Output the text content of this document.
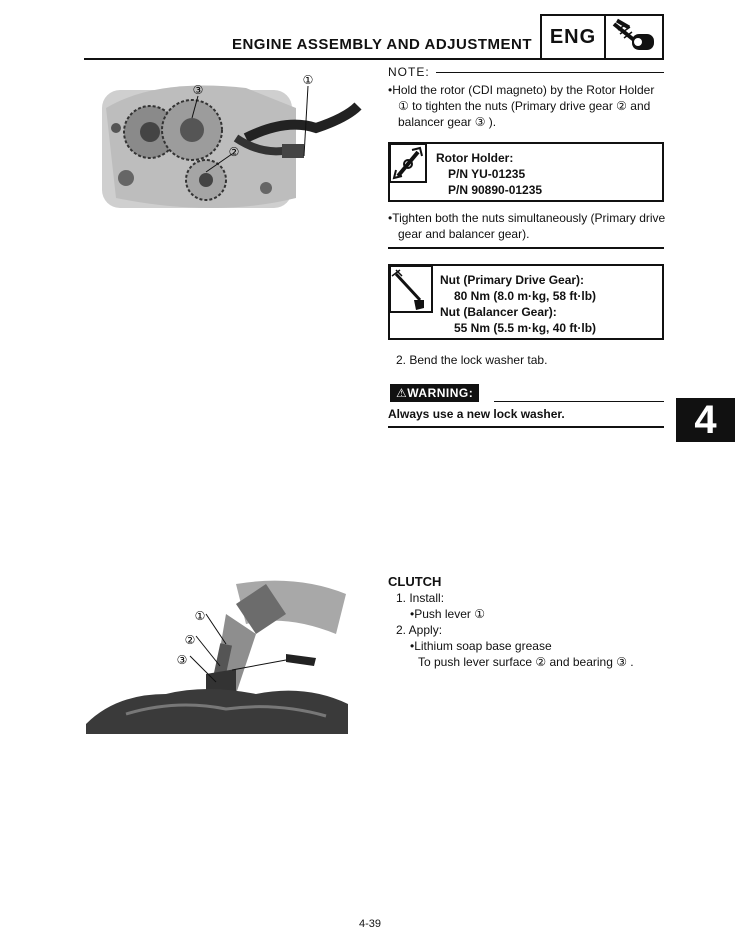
ENGINE ASSEMBLY AND ADJUSTMENT ENG
4
①
③
②
NOTE:
•Hold the rotor (CDI magneto) by the Rotor Holder ① to tighten the nuts (Primary drive gear ② and balancer gear ③ ).
Rotor Holder:
P/N YU-01235
P/N 90890-01235
•Tighten both the nuts simultaneously (Primary drive gear and balancer gear).
Nut (Primary Drive Gear):
80 Nm (8.0 m·kg, 58 ft·lb)
Nut (Balancer Gear):
55 Nm (5.5 m·kg, 40 ft·lb)
2. Bend the lock washer tab.
⚠WARNING:
Always use a new lock washer.
①
②
③
CLUTCH
1. Install:
•Push lever ①
2. Apply:
•Lithium soap base grease
To push lever surface ② and bearing ③ .
4-39
